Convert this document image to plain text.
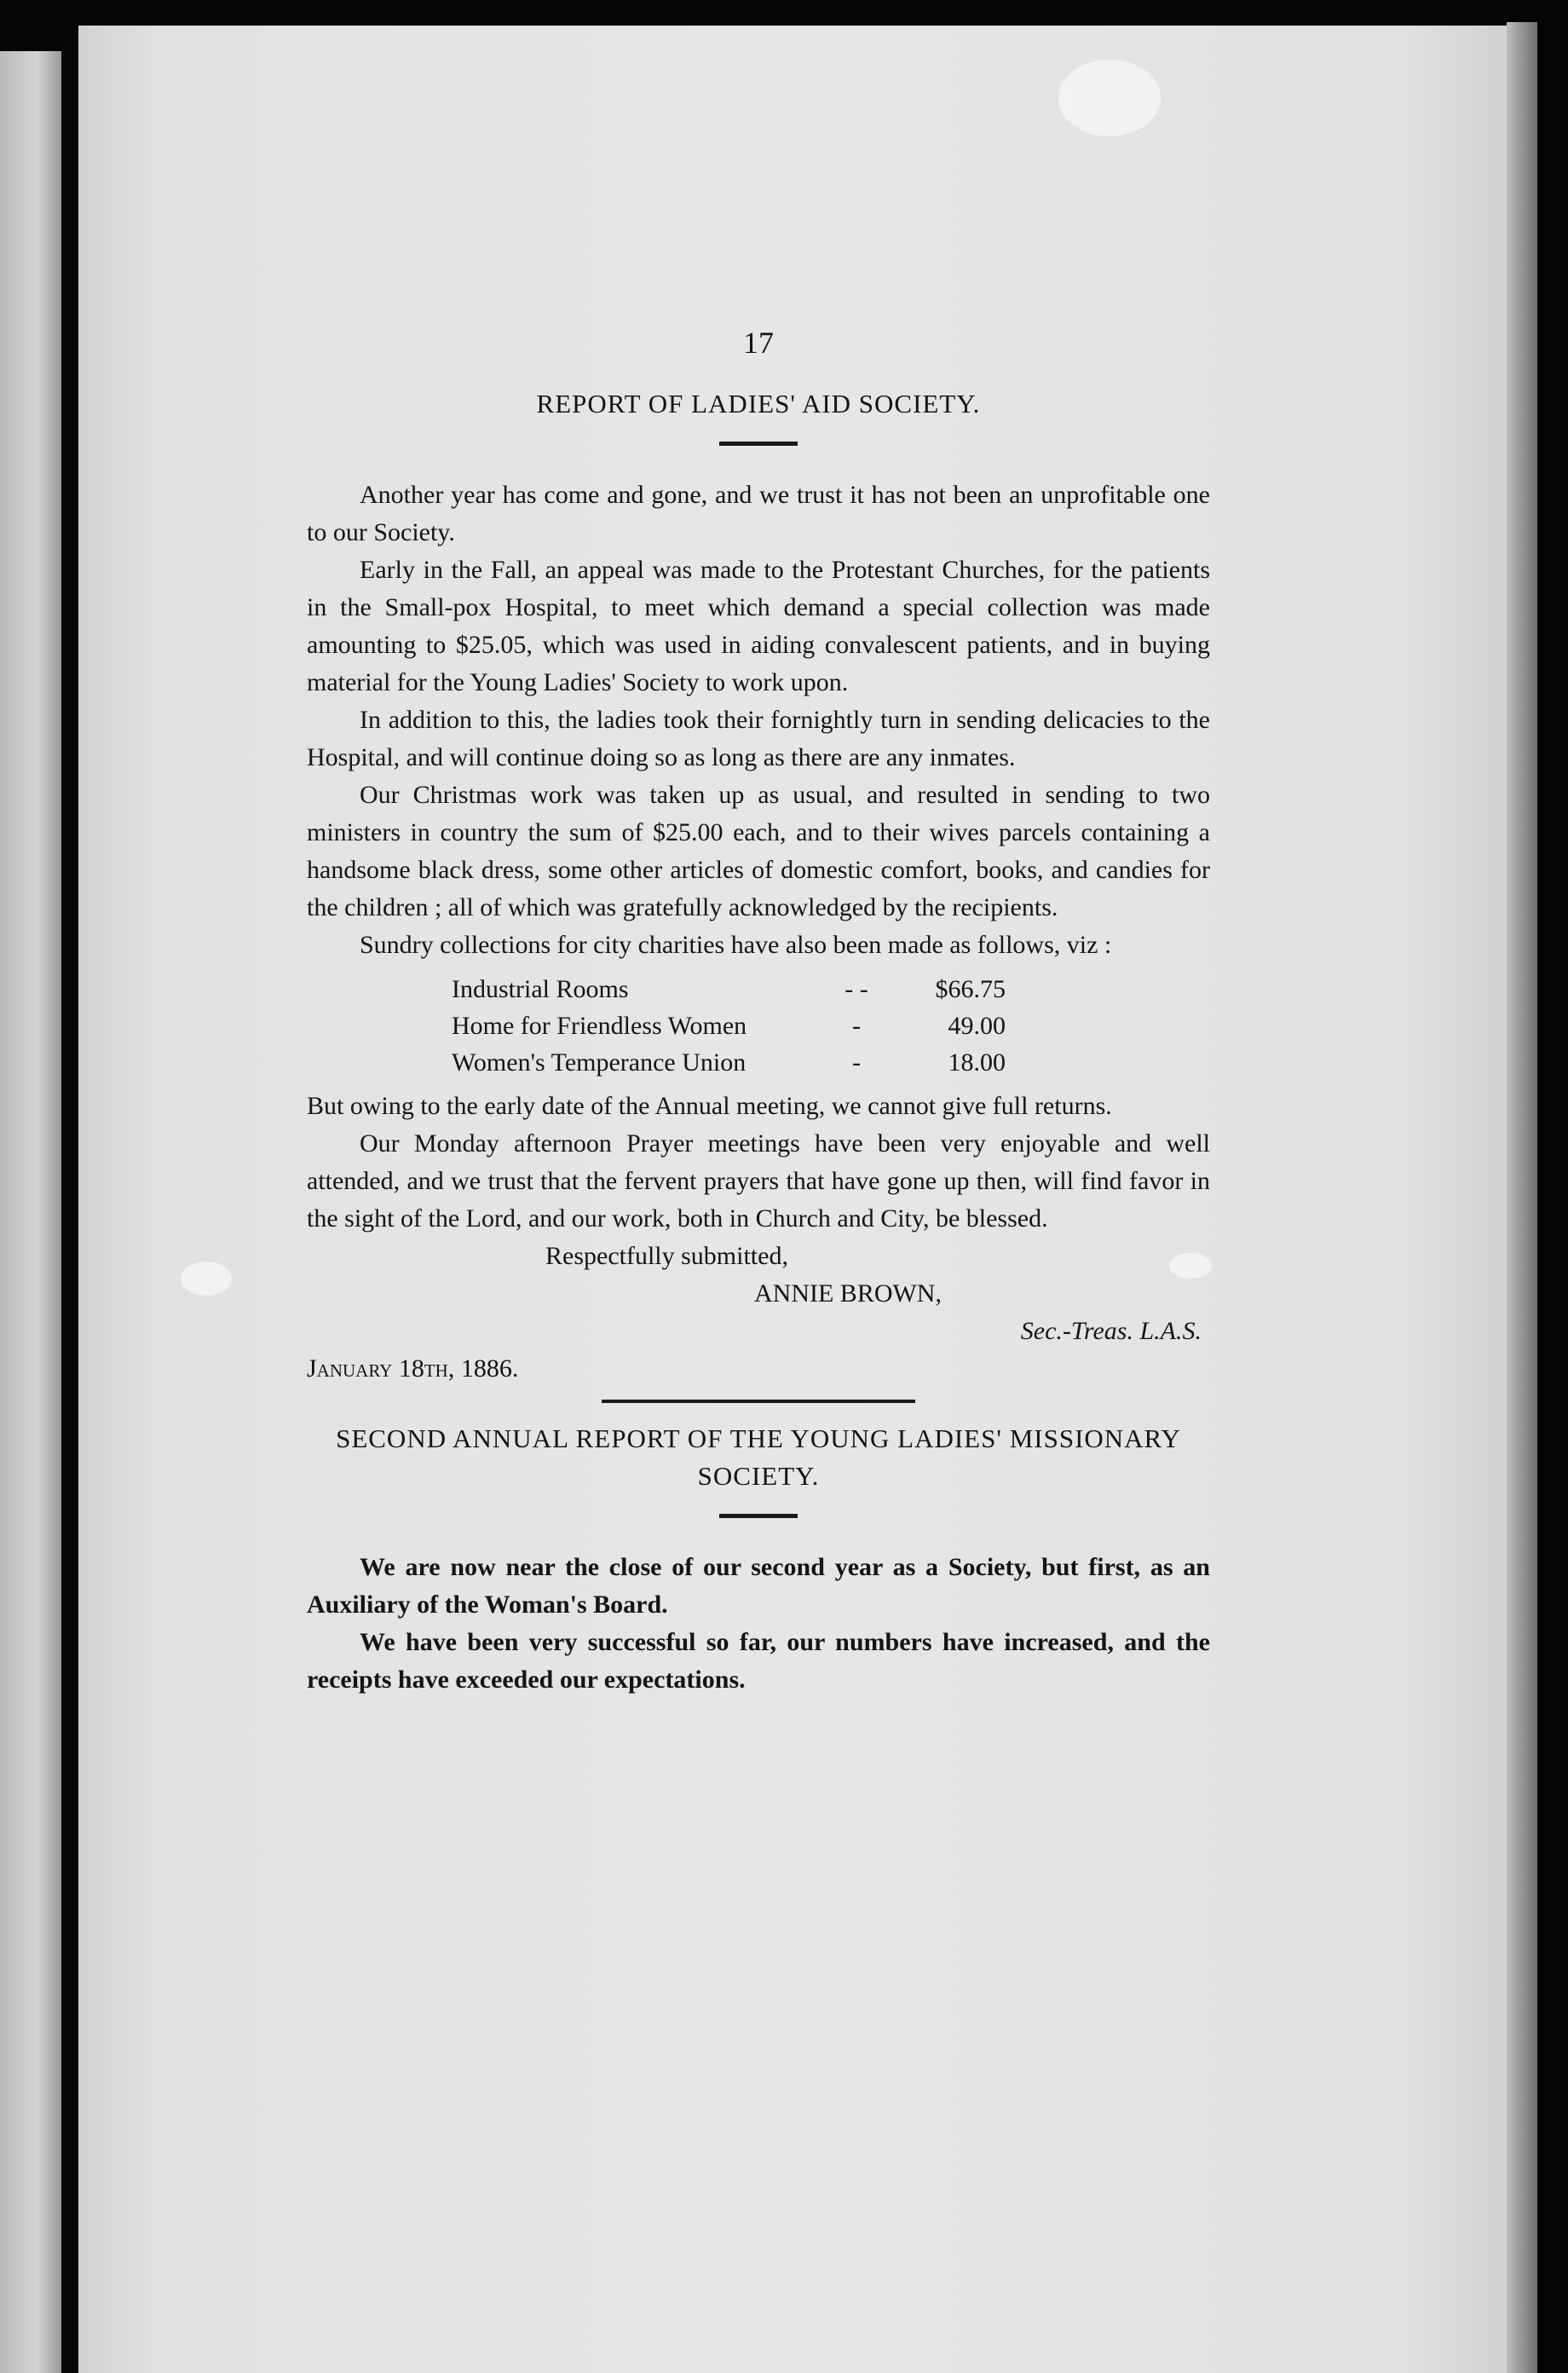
17

REPORT OF LADIES' AID SOCIETY.

Another year has come and gone, and we trust it has not been an unprofitable one to our Society.

Early in the Fall, an appeal was made to the Protestant Churches, for the patients in the Small-pox Hospital, to meet which demand a special collection was made amounting to $25.05, which was used in aiding convalescent patients, and in buying material for the Young Ladies' Society to work upon.

In addition to this, the ladies took their fornightly turn in sending delicacies to the Hospital, and will continue doing so as long as there are any inmates.

Our Christmas work was taken up as usual, and resulted in sending to two ministers in country the sum of $25.00 each, and to their wives parcels containing a handsome black dress, some other articles of domestic comfort, books, and candies for the children ; all of which was gratefully acknowledged by the recipients.

Sundry collections for city charities have also been made as follows, viz :

Industrial Rooms	- -	$66.75
Home for Friendless Women	-	49.00
Women's Temperance Union	-	18.00

But owing to the early date of the Annual meeting, we cannot give full returns.

Our Monday afternoon Prayer meetings have been very enjoyable and well attended, and we trust that the fervent prayers that have gone up then, will find favor in the sight of the Lord, and our work, both in Church and City, be blessed.

Respectfully submitted,

ANNIE BROWN,

Sec.-Treas. L.A.S.

January 18th, 1886.

SECOND ANNUAL REPORT OF THE YOUNG LADIES' MISSIONARY SOCIETY.

We are now near the close of our second year as a Society, but first, as an Auxiliary of the Woman's Board.

We have been very successful so far, our numbers have increased, and the receipts have exceeded our expectations.
